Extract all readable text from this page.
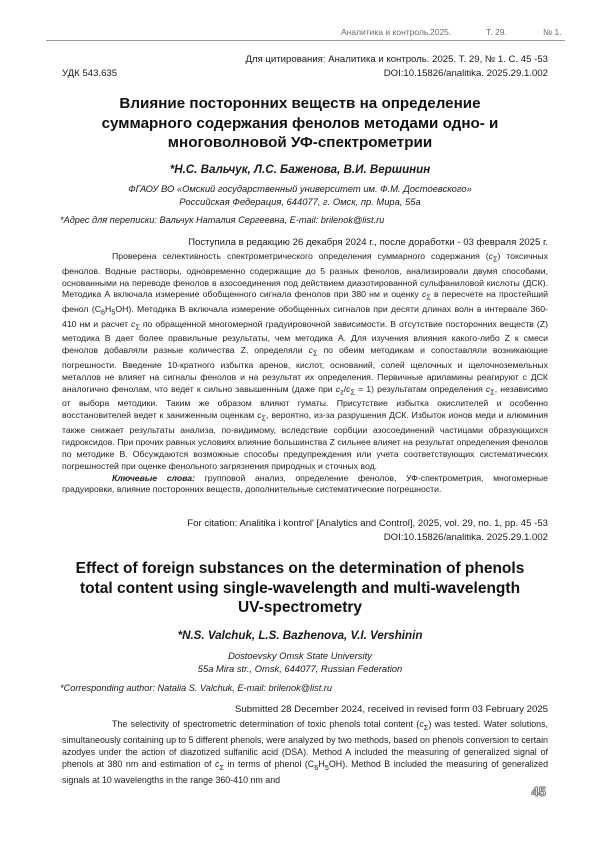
Аналитика и контроль. 2025.	Т. 29.	№ 1.
Для цитирования: Аналитика и контроль. 2025. Т. 29, № 1. С. 45 -53
УДК 543.635	DOI:10.15826/analitika. 2025.29.1.002
Влияние посторонних веществ на определение
суммарного содержания фенолов методами одно- и
многоволновой УФ-спектрометрии
*Н.С. Вальчук, Л.С. Баженова, В.И. Вершинин
ФГАОУ ВО «Омский государственный университет им. Ф.М. Достоевского»
Российская Федерация, 644077, г. Омск, пр. Мира, 55а
*Адрес для переписки: Вальчук Наталия Сергеевна, E-mail: brilenok@list.ru
Поступила в редакцию 26 декабря 2024 г., после доработки - 03 февраля 2025 г.

Проверена селективность спектрометрического определения суммарного содержания (cΣ) токсичных фенолов. Водные растворы, одновременно содержащие до 5 разных фенолов, анализировали двумя способами, основанными на переводе фенолов в азосоединения под действием диазотированной сульфаниловой кислоты (ДСК). Методика А включала измерение обобщенного сигнала фенолов при 380 нм и оценку cΣ в пересчете на простейший фенол (C6H5OH). Методика В включала измерение обобщенных сигналов при десяти длинах волн в интервале 360-410 нм и расчет cΣ по обращенной многомерной градуировочной зависимости. В отсутствие посторонних веществ (Z) методика В дает более правильные результаты, чем методика А. Для изучения влияния какого-либо Z к смеси фенолов добавляли разные количества Z, определяли cΣ по обеим методикам и сопоставляли возникающие погрешности. Введение 10-кратного избытка аренов, кислот, оснований, солей щелочных и щелочноземельных металлов не влияет на сигналы фенолов и на результат их определения. Первичные ариламины реагируют с ДСК аналогично фенолам, что ведет к сильно завышенным (даже при cz/cΣ = 1) результатам определения cΣ, независимо от выбора методики. Таким же образом влияют гуматы. Присутствие избытка окислителей и особенно восстановителей ведет к заниженным оценкам cΣ, вероятно, из-за разрушения ДСК. Избыток ионов меди и алюминия также снижает результаты анализа, по-видимому, вследствие сорбции азосоединений частицами образующихся гидроксидов. При прочих равных условиях влияние большинства Z сильнее влияет на результат определения фенолов по методике В. Обсуждаются возможные способы предупреждения или учета соответствующих систематических погрешностей при оценке фенольного загрязнения природных и сточных вод.

Ключевые слова: групповой анализ, определение фенолов, УФ-спектрометрия, многомерные градуировки, влияние посторонних веществ, дополнительные систематические погрешности.

For citation: Analitika i kontrol' [Analytics and Control], 2025, vol. 29, no. 1, pp. 45 -53
DOI:10.15826/analitika. 2025.29.1.002
Effect of foreign substances on the determination of phenols
total content using single-wavelength and multi-wavelength
UV-spectrometry
*N.S. Valchuk, L.S. Bazhenova, V.I. Vershinin
Dostoevsky Omsk State University
55a Mira str., Omsk, 644077, Russian Federation
*Corresponding author: Natalia S. Valchuk, E-mail: brilenok@list.ru
Submitted 28 December 2024, received in revised form 03 February 2025

The selectivity of spectrometric determination of toxic phenols total content (cΣ) was tested. Water solutions, simultaneously containing up to 5 different phenols, were analyzed by two methods, based on phenols conversion to certain azodyes under the action of diazotized sulfanilic acid (DSA). Method A included the measuring of generalized signal of phenols at 380 nm and estimation of cΣ in terms of phenol (C6H5OH). Method B included the measuring of generalized signals at 10 wavelengths in the range 360-410 nm and

45
